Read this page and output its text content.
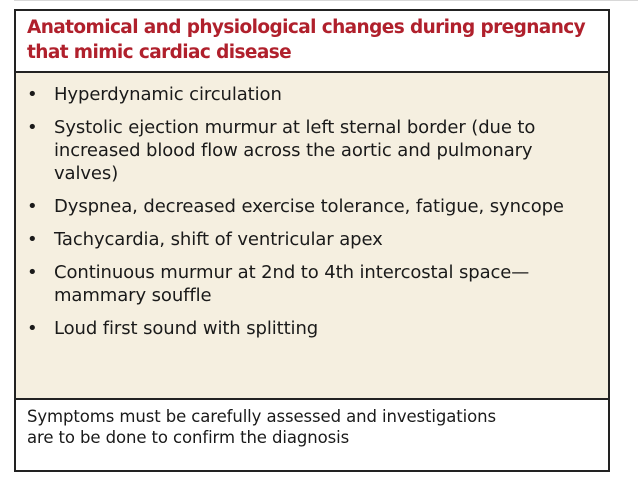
Anatomical and physiological changes during pregnancy
that mimic cardiac disease

• Hyperdynamic circulation
• Systolic ejection murmur at left sternal border (due to increased blood flow across the aortic and pulmonary valves)
• Dyspnea, decreased exercise tolerance, fatigue, syncope
• Tachycardia, shift of ventricular apex
• Continuous murmur at 2nd to 4th intercostal space—mammary souffle
• Loud first sound with splitting

Symptoms must be carefully assessed and investigations
are to be done to confirm the diagnosis
